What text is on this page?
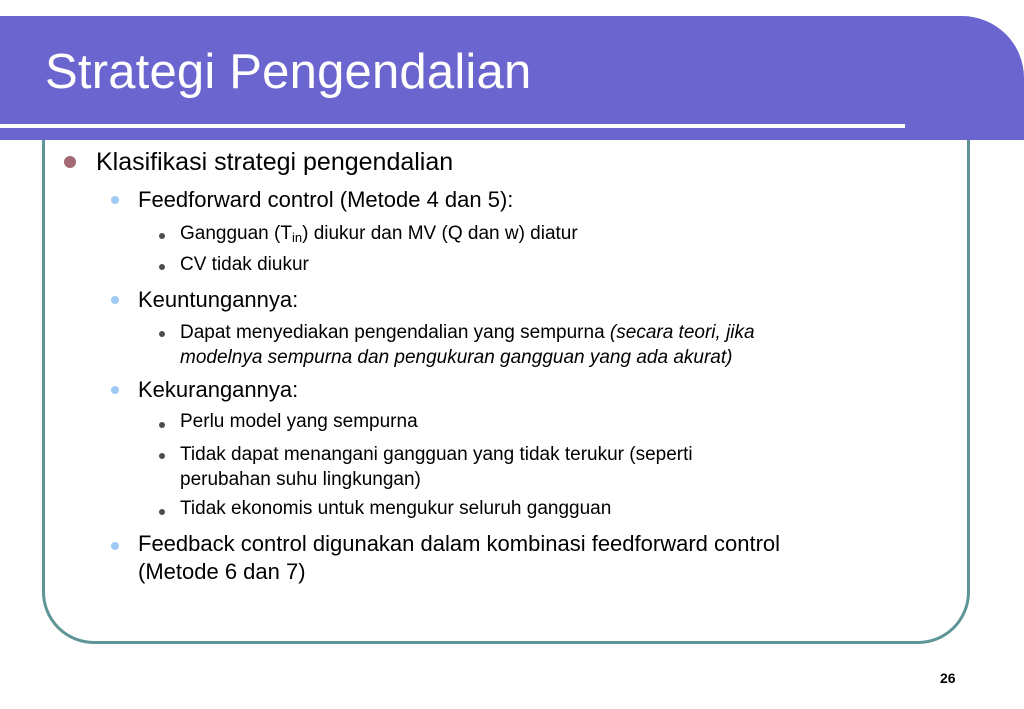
Strategi Pengendalian
Klasifikasi strategi pengendalian
Feedforward control (Metode 4 dan 5):
Gangguan $(T_{in})$ diukur dan MV (Q dan w) diatur
CV tidak diukur
Keuntungannya:
Dapat menyediakan pengendalian yang sempurna (secara teori, jika
modelnya sempurna dan pengukuran gangguan yang ada akurat)
Kekurangannya:
Perlu model yang sempurna
Tidak dapat menangani gangguan yang tidak terukur (seperti
perubahan suhu lingkungan)
Tidak ekonomis untuk mengukur seluruh gangguan
Feedback control digunakan dalam kombinasi feedforward control
(Metode 6 dan 7)
26
